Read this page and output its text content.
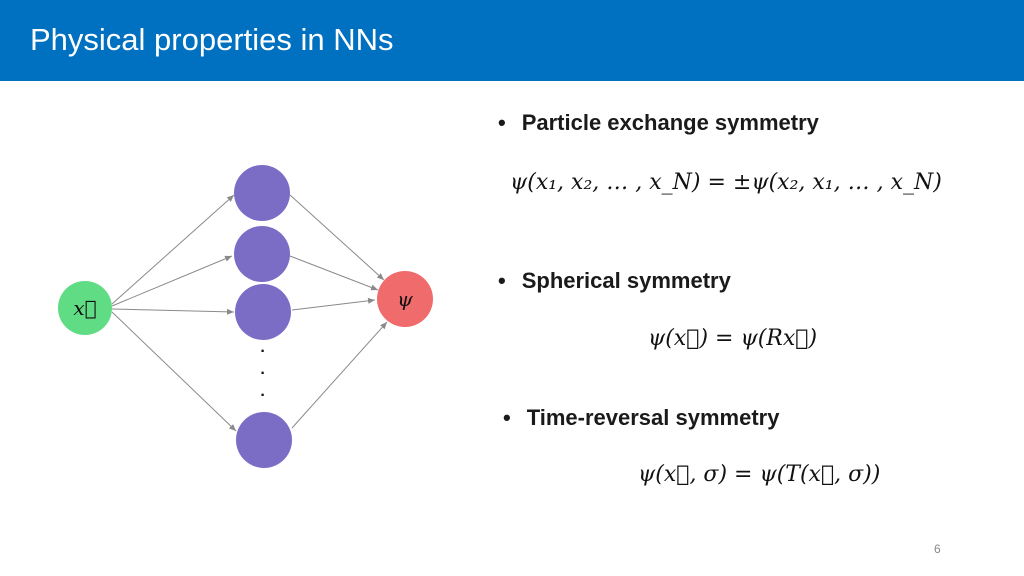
Physical properties in NNs
x⃗
·
·
·
ψ
• Particle exchange symmetry
ψ(x₁, x₂, … , x_N) = ±ψ(x₂, x₁, … , x_N)
• Spherical symmetry
ψ(x⃗) = ψ(Rx⃗)
• Time-reversal symmetry
ψ(x⃗, σ) = ψ(T(x⃗, σ))
6
